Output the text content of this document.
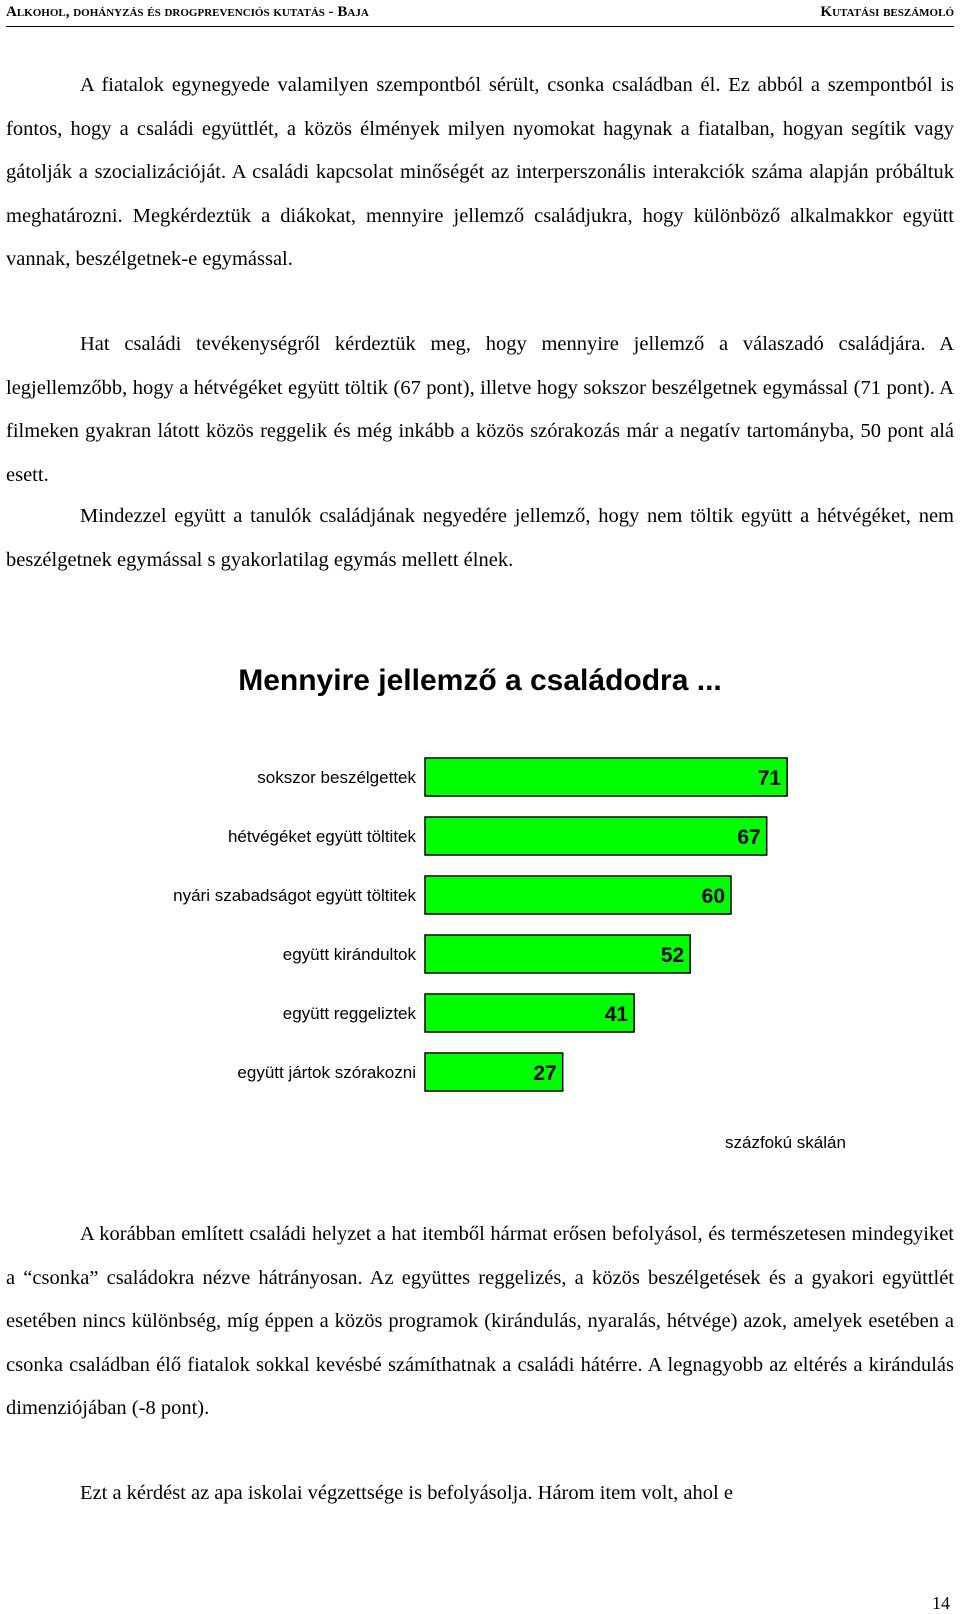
Alkohol, dohányzás és drogprevenciós kutatás - Baja	Kutatási beszámoló

A fiatalok egynegyede valamilyen szempontból sérült, csonka családban él. Ez abból a szempontból is fontos, hogy a családi együttlét, a közös élmények milyen nyomokat hagynak a fiatalban, hogyan segítik vagy gátolják a szocializációját. A családi kapcsolat minőségét az interperszonális interakciók száma alapján próbáltuk meghatározni. Megkérdeztük a diákokat, mennyire jellemző családjukra, hogy különböző alkalmakkor együtt vannak, beszélgetnek-e egymással.

Hat családi tevékenységről kérdeztük meg, hogy mennyire jellemző a válaszadó családjára. A legjellemzőbb, hogy a hétvégéket együtt töltik (67 pont), illetve hogy sokszor beszélgetnek egymással (71 pont). A filmeken gyakran látott közös reggelik és még inkább a közös szórakozás már a negatív tartományba, 50 pont alá esett.

Mindezzel együtt a tanulók családjának negyedére jellemző, hogy nem töltik együtt a hétvégéket, nem beszélgetnek egymással s gyakorlatilag egymás mellett élnek.

Mennyire jellemző a családodra ...
sokszor beszélgettek	71
hétvégéket együtt töltitek	67
nyári szabadságot együtt töltitek	60
együtt kirándultok	52
együtt reggeliztek	41
együtt jártok szórakozni	27
százfokú skálán

A korábban említett családi helyzet a hat itemből hármat erősen befolyásol, és természetesen mindegyiket a “csonka” családokra nézve hátrányosan. Az együttes reggelizés, a közös beszélgetések és a gyakori együttlét esetében nincs különbség, míg éppen a közös programok (kirándulás, nyaralás, hétvége) azok, amelyek esetében a csonka családban élő fiatalok sokkal kevésbé számíthatnak a családi hátérre. A legnagyobb az eltérés a kirándulás dimenziójában (-8 pont).

Ezt a kérdést az apa iskolai végzettsége is befolyásolja. Három item volt, ahol e

14
